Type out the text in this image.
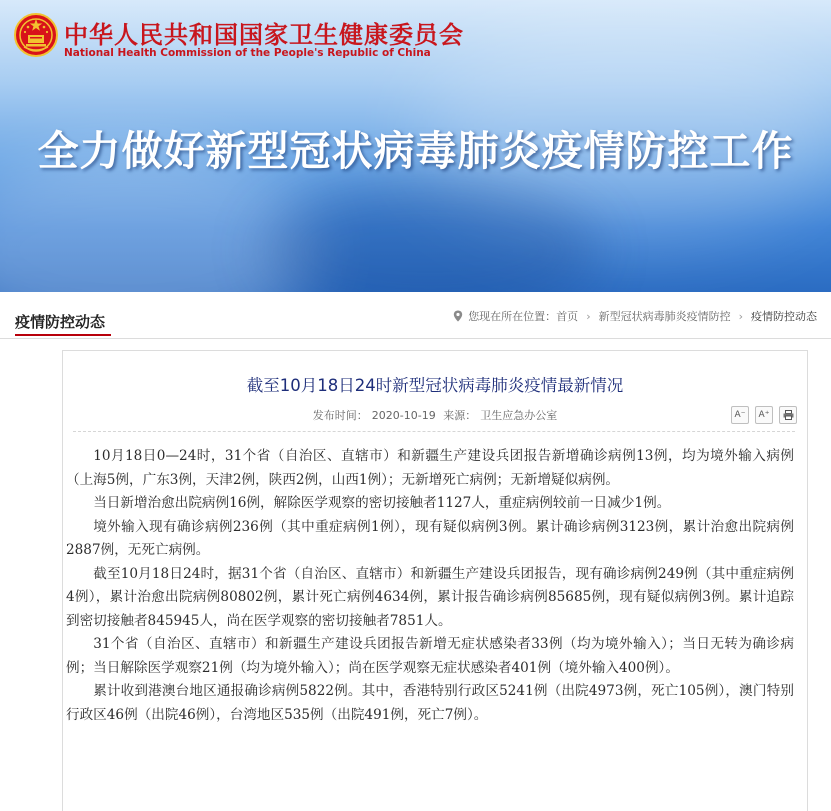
中华人民共和国国家卫生健康委员会

National Health Commission of the People's Republic of China

全力做好新型冠状病毒肺炎疫情防控工作
疫情防控动态	您现在所在位置： 首页 › 新型冠状病毒肺炎疫情防控 › 疫情防控动态
截至10月18日24时新型冠状病毒肺炎疫情最新情况
发布时间： 2020-10-19 来源： 卫生应急办公室	A⁻	A⁺

10月18日0—24时，31个省（自治区、直辖市）和新疆生产建设兵团报告新增确诊病例13例，均为境外输入病例（上海5例，广东3例，天津2例，陕西2例，山西1例）；无新增死亡病例；无新增疑似病例。

当日新增治愈出院病例16例，解除医学观察的密切接触者1127人，重症病例较前一日减少1例。

境外输入现有确诊病例236例（其中重症病例1例），现有疑似病例3例。累计确诊病例3123例，累计治愈出院病例2887例，无死亡病例。

截至10月18日24时，据31个省（自治区、直辖市）和新疆生产建设兵团报告，现有确诊病例249例（其中重症病例4例），累计治愈出院病例80802例，累计死亡病例4634例，累计报告确诊病例85685例，现有疑似病例3例。累计追踪到密切接触者845945人，尚在医学观察的密切接触者7851人。

31个省（自治区、直辖市）和新疆生产建设兵团报告新增无症状感染者33例（均为境外输入）；当日无转为确诊病例；当日解除医学观察21例（均为境外输入）；尚在医学观察无症状感染者401例（境外输入400例）。

累计收到港澳台地区通报确诊病例5822例。其中，香港特别行政区5241例（出院4973例，死亡105例），澳门特别行政区46例（出院46例），台湾地区535例（出院491例，死亡7例）。
